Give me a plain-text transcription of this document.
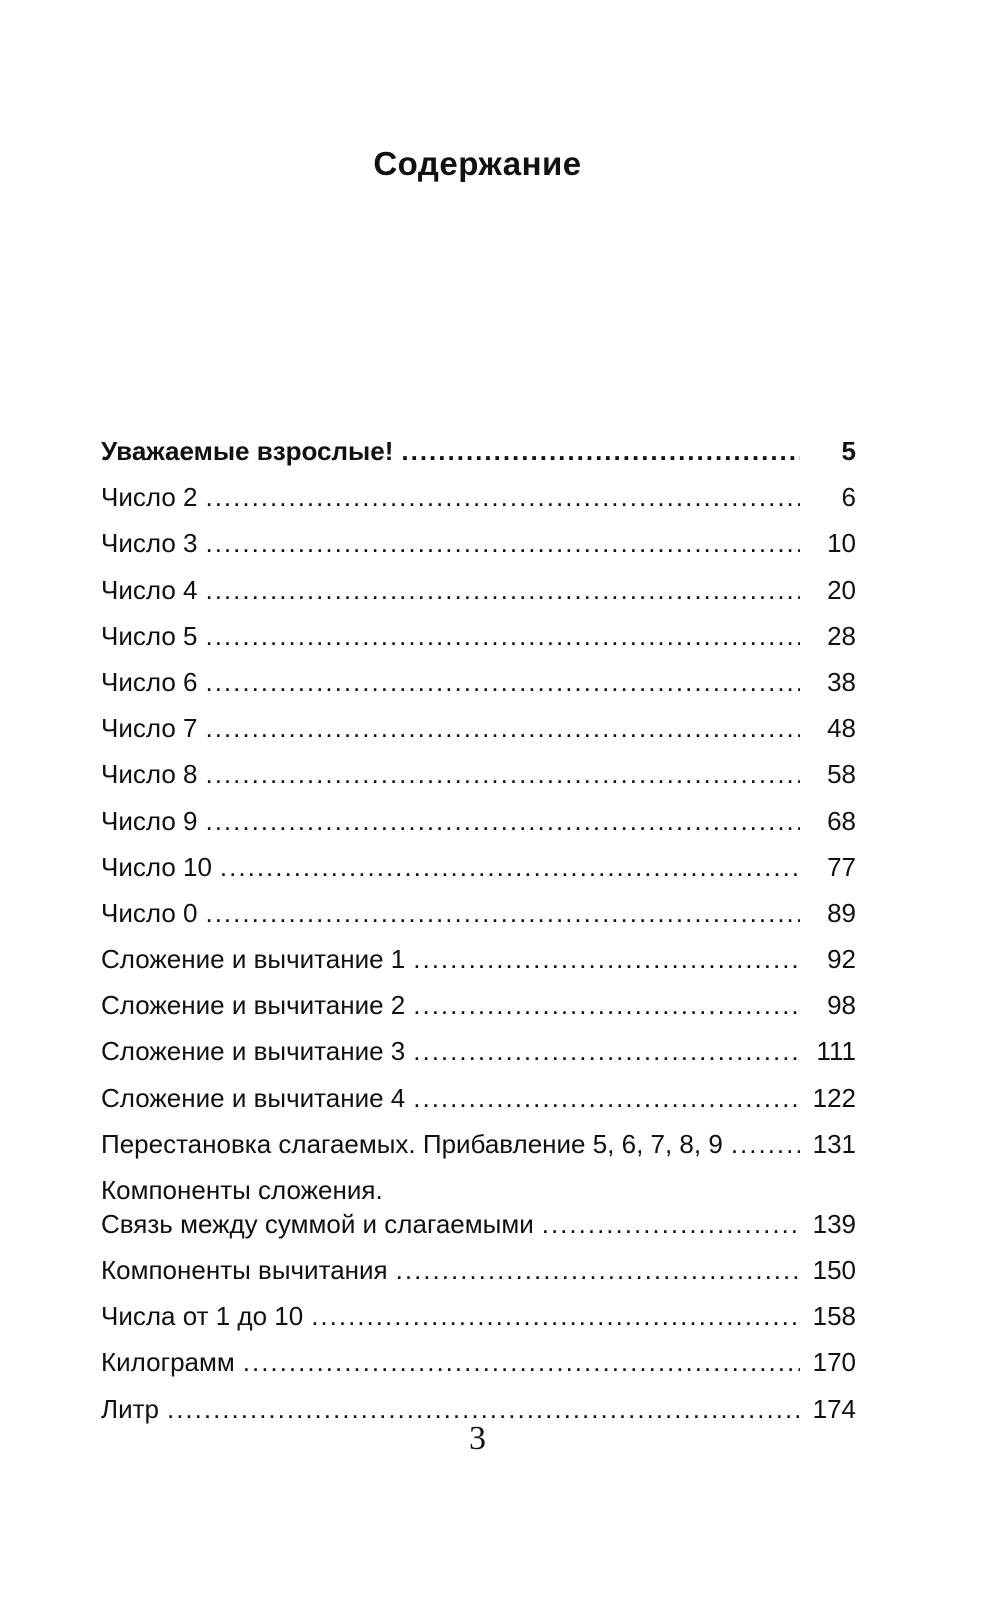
Содержание
Уважаемые взрослые! .....	5
Число 2 .....	6
Число 3 .....	10
Число 4 .....	20
Число 5 .....	28
Число 6 .....	38
Число 7 .....	48
Число 8 .....	58
Число 9 .....	68
Число 10 .....	77
Число 0 .....	89
Сложение и вычитание 1 .....	92
Сложение и вычитание 2 .....	98
Сложение и вычитание 3 .....	111
Сложение и вычитание 4 .....	122
Перестановка слагаемых. Прибавление 5, 6, 7, 8, 9 .....	131
Компоненты сложения.
Связь между суммой и слагаемыми .....	139
Компоненты вычитания .....	150
Числа от 1 до 10 .....	158
Килограмм .....	170
Литр .....	174
3
